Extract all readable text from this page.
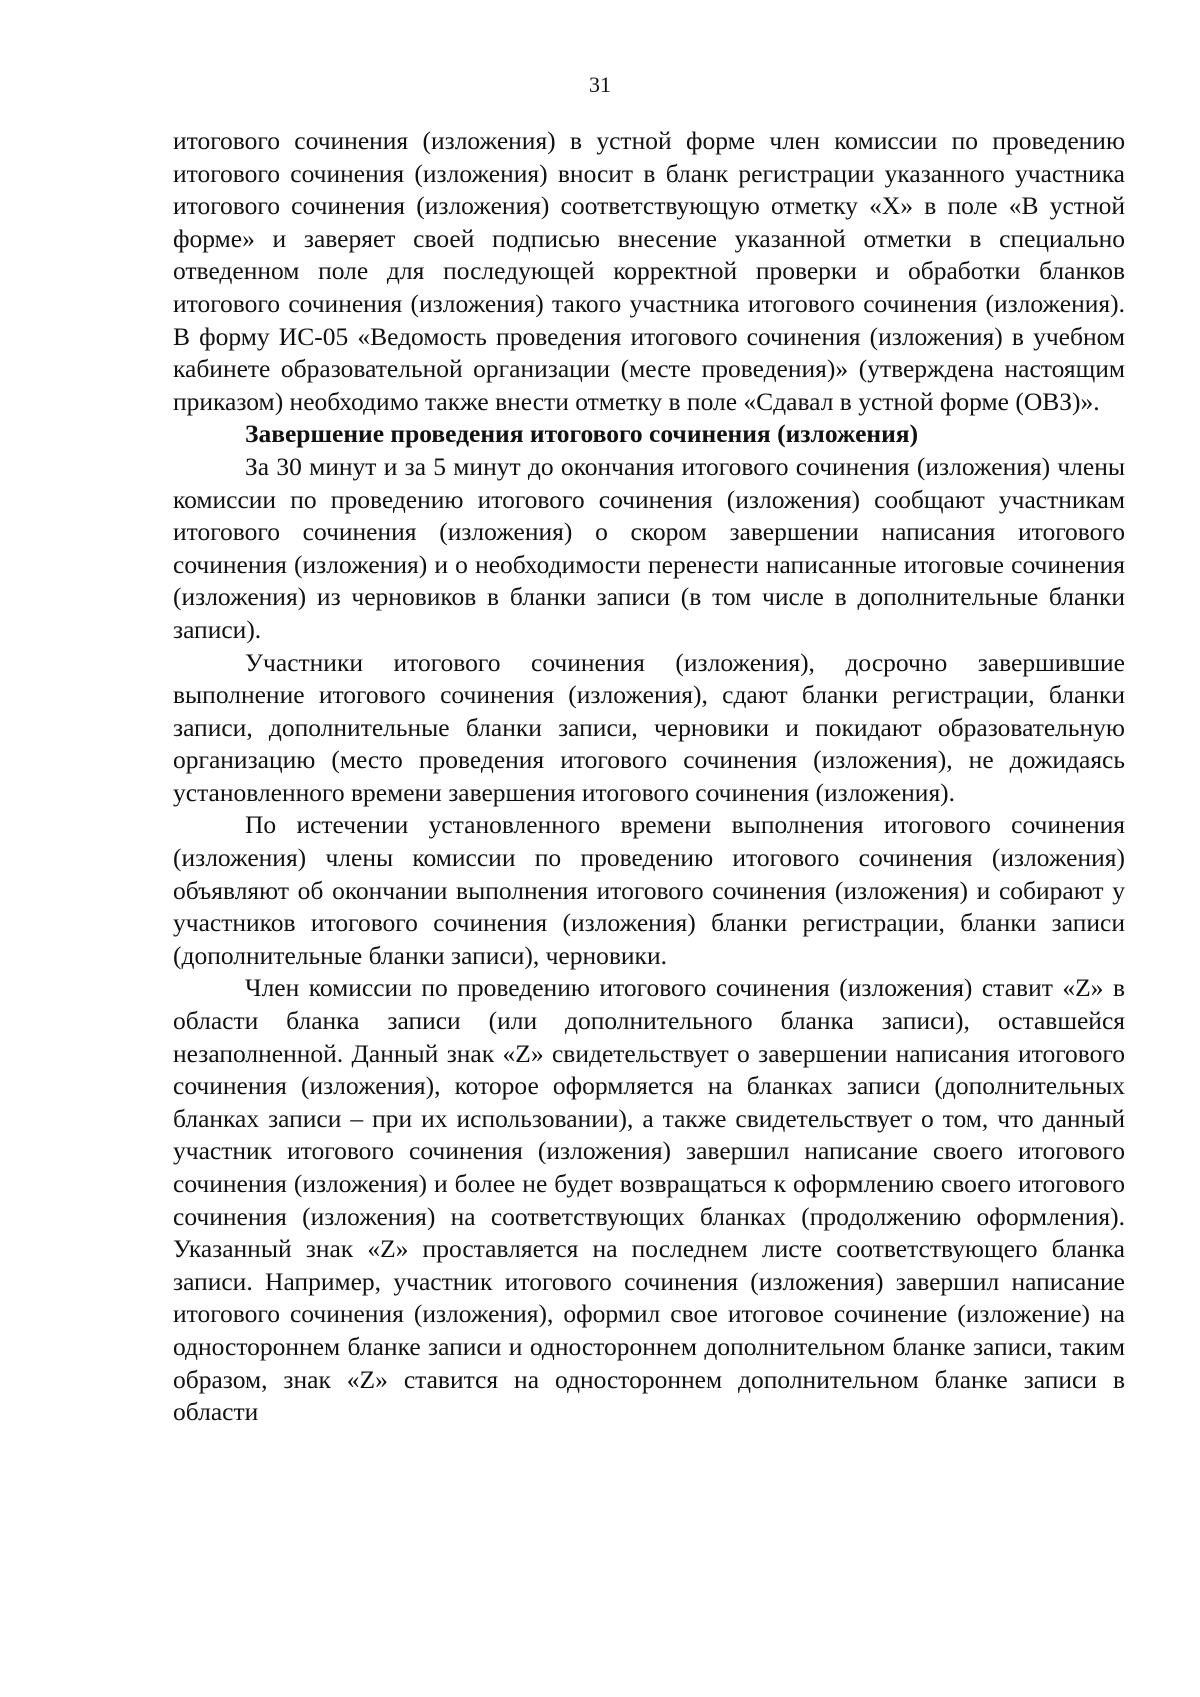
31

итогового сочинения (изложения) в устной форме член комиссии по проведению итогового сочинения (изложения) вносит в бланк регистрации указанного участника итогового сочинения (изложения) соответствующую отметку «X» в поле «В устной форме» и заверяет своей подписью внесение указанной отметки в специально отведенном поле для последующей корректной проверки и обработки бланков итогового сочинения (изложения) такого участника итогового сочинения (изложения). В форму ИС-05 «Ведомость проведения итогового сочинения (изложения) в учебном кабинете образовательной организации (месте проведения)» (утверждена настоящим приказом) необходимо также внести отметку в поле «Сдавал в устной форме (ОВЗ)».

Завершение проведения итогового сочинения (изложения)

За 30 минут и за 5 минут до окончания итогового сочинения (изложения) члены комиссии по проведению итогового сочинения (изложения) сообщают участникам итогового сочинения (изложения) о скором завершении написания итогового сочинения (изложения) и о необходимости перенести написанные итоговые сочинения (изложения) из черновиков в бланки записи (в том числе в дополнительные бланки записи).

Участники итогового сочинения (изложения), досрочно завершившие выполнение итогового сочинения (изложения), сдают бланки регистрации, бланки записи, дополнительные бланки записи, черновики и покидают образовательную организацию (место проведения итогового сочинения (изложения), не дожидаясь установленного времени завершения итогового сочинения (изложения).

По истечении установленного времени выполнения итогового сочинения (изложения) члены комиссии по проведению итогового сочинения (изложения) объявляют об окончании выполнения итогового сочинения (изложения) и собирают у участников итогового сочинения (изложения) бланки регистрации, бланки записи (дополнительные бланки записи), черновики.

Член комиссии по проведению итогового сочинения (изложения) ставит «Z» в области бланка записи (или дополнительного бланка записи), оставшейся незаполненной. Данный знак «Z» свидетельствует о завершении написания итогового сочинения (изложения), которое оформляется на бланках записи (дополнительных бланках записи – при их использовании), а также свидетельствует о том, что данный участник итогового сочинения (изложения) завершил написание своего итогового сочинения (изложения) и более не будет возвращаться к оформлению своего итогового сочинения (изложения) на соответствующих бланках (продолжению оформления). Указанный знак «Z» проставляется на последнем листе соответствующего бланка записи. Например, участник итогового сочинения (изложения) завершил написание итогового сочинения (изложения), оформил свое итоговое сочинение (изложение) на одностороннем бланке записи и одностороннем дополнительном бланке записи, таким образом, знак «Z» ставится на одностороннем дополнительном бланке записи в области
